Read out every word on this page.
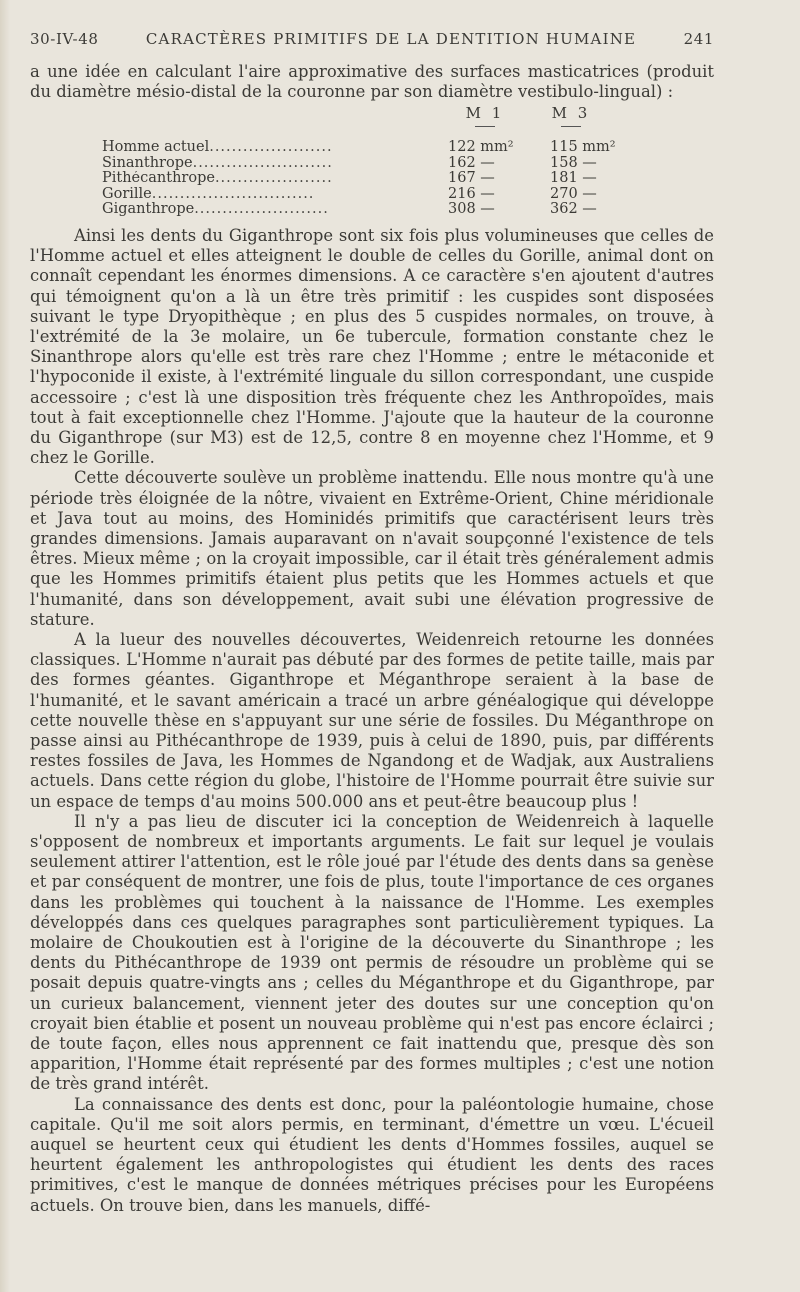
30-IV-48	CARACTÈRES PRIMITIFS DE LA DENTITION HUMAINE	241

a une idée en calculant l'aire approximative des surfaces masticatrices (produit du diamètre mésio-distal de la couronne par son diamètre vestibulo-lingual) :

M 1	M 3
Homme actuel......................	122 mm²	115 mm²
Sinanthrope.........................	162 —	158 —
Pithécanthrope.....................	167 —	181 —
Gorille.............................	216 —	270 —
Giganthrope........................	308 —	362 —

Ainsi les dents du Giganthrope sont six fois plus volumineuses que celles de l'Homme actuel et elles atteignent le double de celles du Gorille, animal dont on connaît cependant les énormes dimensions. A ce caractère s'en ajoutent d'autres qui témoignent qu'on a là un être très primitif : les cuspides sont disposées suivant le type Dryopithèque ; en plus des 5 cuspides normales, on trouve, à l'extrémité de la 3e molaire, un 6e tubercule, formation constante chez le Sinanthrope alors qu'elle est très rare chez l'Homme ; entre le métaconide et l'hypoconide il existe, à l'extrémité linguale du sillon correspondant, une cuspide accessoire ; c'est là une disposition très fréquente chez les Anthropoïdes, mais tout à fait exceptionnelle chez l'Homme. J'ajoute que la hauteur de la couronne du Giganthrope (sur M3) est de 12,5, contre 8 en moyenne chez l'Homme, et 9 chez le Gorille.

Cette découverte soulève un problème inattendu. Elle nous montre qu'à une période très éloignée de la nôtre, vivaient en Extrême-Orient, Chine méridionale et Java tout au moins, des Hominidés primitifs que caractérisent leurs très grandes dimensions. Jamais auparavant on n'avait soupçonné l'existence de tels êtres. Mieux même ; on la croyait impossible, car il était très généralement admis que les Hommes primitifs étaient plus petits que les Hommes actuels et que l'humanité, dans son développement, avait subi une élévation progressive de stature.

A la lueur des nouvelles découvertes, Weidenreich retourne les données classiques. L'Homme n'aurait pas débuté par des formes de petite taille, mais par des formes géantes. Giganthrope et Méganthrope seraient à la base de l'humanité, et le savant américain a tracé un arbre généalogique qui développe cette nouvelle thèse en s'appuyant sur une série de fossiles. Du Méganthrope on passe ainsi au Pithécanthrope de 1939, puis à celui de 1890, puis, par différents restes fossiles de Java, les Hommes de Ngandong et de Wadjak, aux Australiens actuels. Dans cette région du globe, l'histoire de l'Homme pourrait être suivie sur un espace de temps d'au moins 500.000 ans et peut-être beaucoup plus !

Il n'y a pas lieu de discuter ici la conception de Weidenreich à laquelle s'opposent de nombreux et importants arguments. Le fait sur lequel je voulais seulement attirer l'attention, est le rôle joué par l'étude des dents dans sa genèse et par conséquent de montrer, une fois de plus, toute l'importance de ces organes dans les problèmes qui touchent à la naissance de l'Homme. Les exemples développés dans ces quelques paragraphes sont particulièrement typiques. La molaire de Choukoutien est à l'origine de la découverte du Sinanthrope ; les dents du Pithécanthrope de 1939 ont permis de résoudre un problème qui se posait depuis quatre-vingts ans ; celles du Méganthrope et du Giganthrope, par un curieux balancement, viennent jeter des doutes sur une conception qu'on croyait bien établie et posent un nouveau problème qui n'est pas encore éclairci ; de toute façon, elles nous apprennent ce fait inattendu que, presque dès son apparition, l'Homme était représenté par des formes multiples ; c'est une notion de très grand intérêt.

La connaissance des dents est donc, pour la paléontologie humaine, chose capitale. Qu'il me soit alors permis, en terminant, d'émettre un vœu. L'écueil auquel se heurtent ceux qui étudient les dents d'Hommes fossiles, auquel se heurtent également les anthropologistes qui étudient les dents des races primitives, c'est le manque de données métriques précises pour les Européens actuels. On trouve bien, dans les manuels, diffé-
